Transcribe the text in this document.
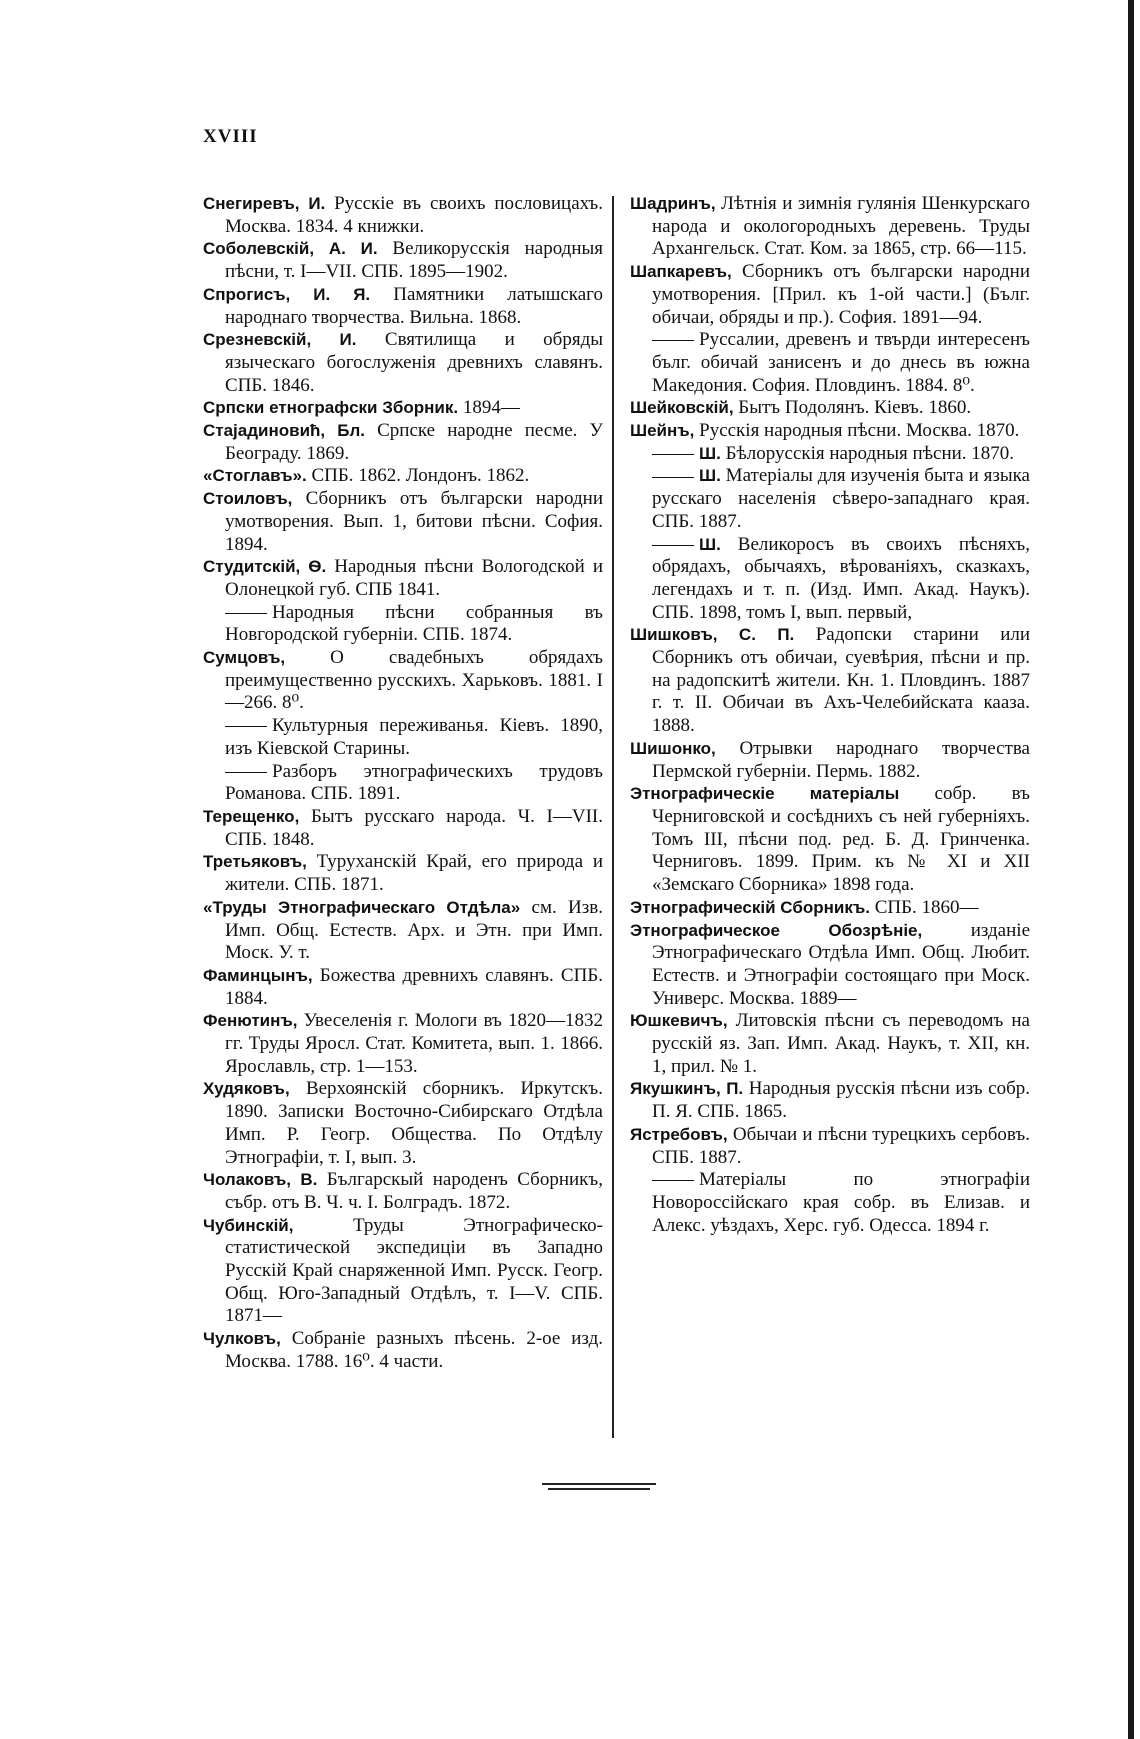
XVIII

Снегиревъ, И. Русскіе въ своихъ пословицахъ. Москва. 1834. 4 книжки.

Соболевскій, А. И. Великорусскія народныя пѣсни, т. I—VII. СПБ. 1895—1902.

Спрогисъ, И. Я. Памятники латышскаго народнаго творчества. Вильна. 1868.

Срезневскій, И. Святилища и обряды языческаго богослуженія древнихъ славянъ. СПБ. 1846.

Српски етнографски Зборник. 1894—

Стајадиновић, Бл. Српске народне песме. У Београду. 1869.

«Стоглавъ». СПБ. 1862. Лондонъ. 1862.

Стоиловъ, Сборникъ отъ български народни умотворения. Вып. 1, битови пѣсни. София. 1894.

Студитскій, Ѳ. Народныя пѣсни Вологодской и Олонецкой губ. СПБ 1841.

Народныя пѣсни собранныя въ Новгородской губерніи. СПБ. 1874.

Сумцовъ, О свадебныхъ обрядахъ преимущественно русскихъ. Харьковъ. 1881. I—266. 8⁰.

Культурныя переживанья. Кіевъ. 1890, изъ Кіевской Старины.

Разборъ этнографическихъ трудовъ Романова. СПБ. 1891.

Терещенко, Бытъ русскаго народа. Ч. I—VII. СПБ. 1848.

Третьяковъ, Туруханскій Край, его природа и жители. СПБ. 1871.

«Труды Этнографическаго Отдѣла» см. Изв. Имп. Общ. Естеств. Арх. и Этн. при Имп. Моск. У. т.

Фаминцынъ, Божества древнихъ славянъ. СПБ. 1884.

Фенютинъ, Увеселенія г. Мологи въ 1820—1832 гг. Труды Яросл. Стат. Комитета, вып. 1. 1866. Ярославль, стр. 1—153.

Худяковъ, Верхоянскій сборникъ. Иркутскъ. 1890. Записки Восточно-Сибирскаго Отдѣла Имп. Р. Геогр. Общества. По Отдѣлу Этнографіи, т. I, вып. 3.

Чолаковъ, В. Българскый народенъ Сборникъ, събр. отъ В. Ч. ч. I. Болградъ. 1872.

Чубинскій, Труды Этнографическо-статистической экспедиціи въ Западно Русскій Край снаряженной Имп. Русск. Геогр. Общ. Юго-Западный Отдѣлъ, т. I—V. СПБ. 1871—

Чулковъ, Собраніе разныхъ пѣсень. 2-ое изд. Москва. 1788. 16⁰. 4 части.

Шадринъ, Лѣтнія и зимнія гулянія Шенкурскаго народа и окологородныхъ деревень. Труды Архангельск. Стат. Ком. за 1865, стр. 66—115.

Шапкаревъ, Сборникъ отъ български народни умотворения. [Прил. къ 1-ой части.] (Бълг. обичаи, обряды и пр.). София. 1891—94.

Руссалии, древенъ и твърди интересенъ бълг. обичай занисенъ и до днесь въ южна Македония. София. Пловдинъ. 1884. 8⁰.

Шейковскій, Бытъ Подолянъ. Кіевъ. 1860.

Шейнъ, Русскія народныя пѣсни. Москва. 1870.

Ш. Бѣлорусскія народныя пѣсни. 1870.

Ш. Матеріалы для изученія быта и языка русскаго населенія сѣверо-западнаго края. СПБ. 1887.

Ш. Великоросъ въ своихъ пѣсняхъ, обрядахъ, обычаяхъ, вѣрованіяхъ, сказкахъ, легендахъ и т. п. (Изд. Имп. Акад. Наукъ). СПБ. 1898, томъ I, вып. первый,

Шишковъ, С. П. Радопски старини или Сборникъ отъ обичаи, суевѣрия, пѣсни и пр. на радопскитѣ жители. Кн. 1. Пловдинъ. 1887 г. т. II. Обичаи въ Ахъ-Челебийската кааза. 1888.

Шишонко, Отрывки народнаго творчества Пермской губерніи. Пермь. 1882.

Этнографическіе матеріалы собр. въ Черниговской и сосѣднихъ съ ней губерніяхъ. Томъ III, пѣсни под. ред. Б. Д. Гринченка. Черниговъ. 1899. Прим. къ № XI и XII «Земскаго Сборника» 1898 года.

Этнографическій Сборникъ. СПБ. 1860—

Этнографическое Обозрѣніе, изданіе Этнографическаго Отдѣла Имп. Общ. Любит. Естеств. и Этнографіи состоящаго при Моск. Универс. Москва. 1889—

Юшкевичъ, Литовскія пѣсни съ переводомъ на русскій яз. Зап. Имп. Акад. Наукъ, т. XII, кн. 1, прил. № 1.

Якушкинъ, П. Народныя русскія пѣсни изъ собр. П. Я. СПБ. 1865.

Ястребовъ, Обычаи и пѣсни турецкихъ сербовъ. СПБ. 1887.

Матеріалы по этнографіи Новороссійскаго края собр. въ Елизав. и Алекс. уѣздахъ, Херс. губ. Одесса. 1894 г.
